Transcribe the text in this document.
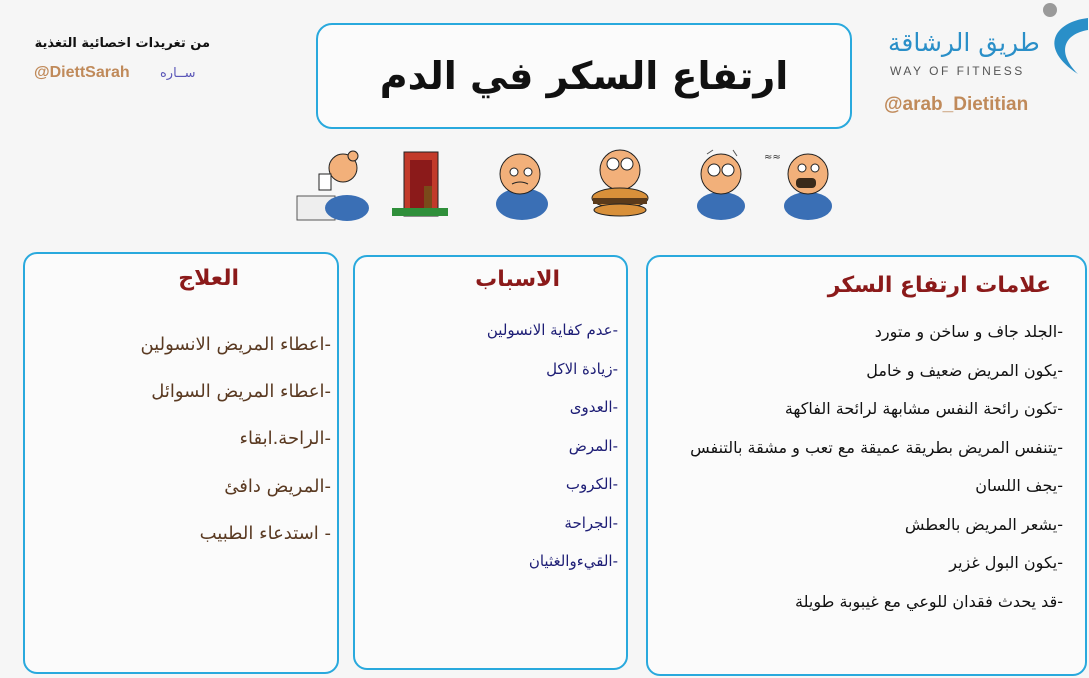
من تغريدات اخصائية التغذية
@DiettSarah ســاره	ارتفاع السكر في الدم
طريق الرشاقة
WAY OF FITNESS
@arab_Dietitian
≈≈
علامات ارتفاع السكر
-الجلد جاف و ساخن و متورد
-يكون المريض ضعيف و خامل
-تكون رائحة النفس مشابهة لرائحة الفاكهة
-يتنفس المريض بطريقة عميقة مع تعب و مشقة بالتنفس
-يجف اللسان
-يشعر المريض بالعطش
-يكون البول غزير
-قد يحدث فقدان للوعي مع غيبوبة طويلة
الاسباب
-عدم كفاية الانسولين
-زيادة الاكل
-العدوى
-المرض
-الكروب
-الجراحة
-القيءوالغثيان
العلاج
-اعطاء المريض الانسولين
-اعطاء المريض السوائل
-الراحة.ابقاء
-المريض دافئ
- استدعاء الطبيب
